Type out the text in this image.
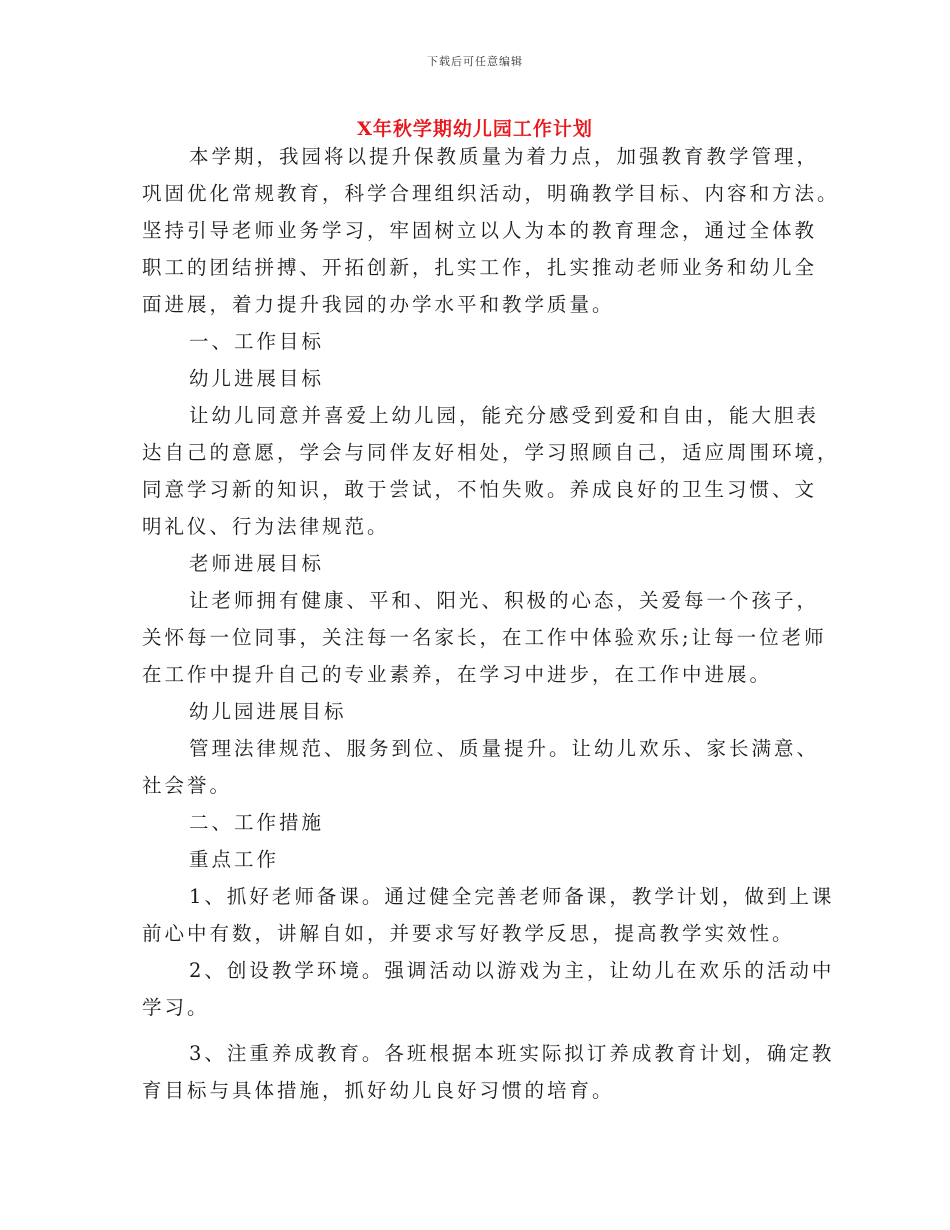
下载后可任意编辑
X年秋学期幼儿园工作计划
本学期，我园将以提升保教质量为着力点，加强教育教学管理，
巩固优化常规教育，科学合理组织活动，明确教学目标、内容和方法。
坚持引导老师业务学习，牢固树立以人为本的教育理念，通过全体教
职工的团结拼搏、开拓创新，扎实工作，扎实推动老师业务和幼儿全
面进展，着力提升我园的办学水平和教学质量。
一、工作目标
幼儿进展目标
让幼儿同意并喜爱上幼儿园，能充分感受到爱和自由，能大胆表
达自己的意愿，学会与同伴友好相处，学习照顾自己，适应周围环境，
同意学习新的知识，敢于尝试，不怕失败。养成良好的卫生习惯、文
明礼仪、行为法律规范。
老师进展目标
让老师拥有健康、平和、阳光、积极的心态，关爱每一个孩子，
关怀每一位同事，关注每一名家长，在工作中体验欢乐;让每一位老师
在工作中提升自己的专业素养，在学习中进步，在工作中进展。
幼儿园进展目标
管理法律规范、服务到位、质量提升。让幼儿欢乐、家长满意、
社会誉。
二、工作措施
重点工作
1、抓好老师备课。通过健全完善老师备课，教学计划，做到上课
前心中有数，讲解自如，并要求写好教学反思，提高教学实效性。
2、创设教学环境。强调活动以游戏为主，让幼儿在欢乐的活动中
学习。
3、注重养成教育。各班根据本班实际拟订养成教育计划，确定教
育目标与具体措施，抓好幼儿良好习惯的培育。
